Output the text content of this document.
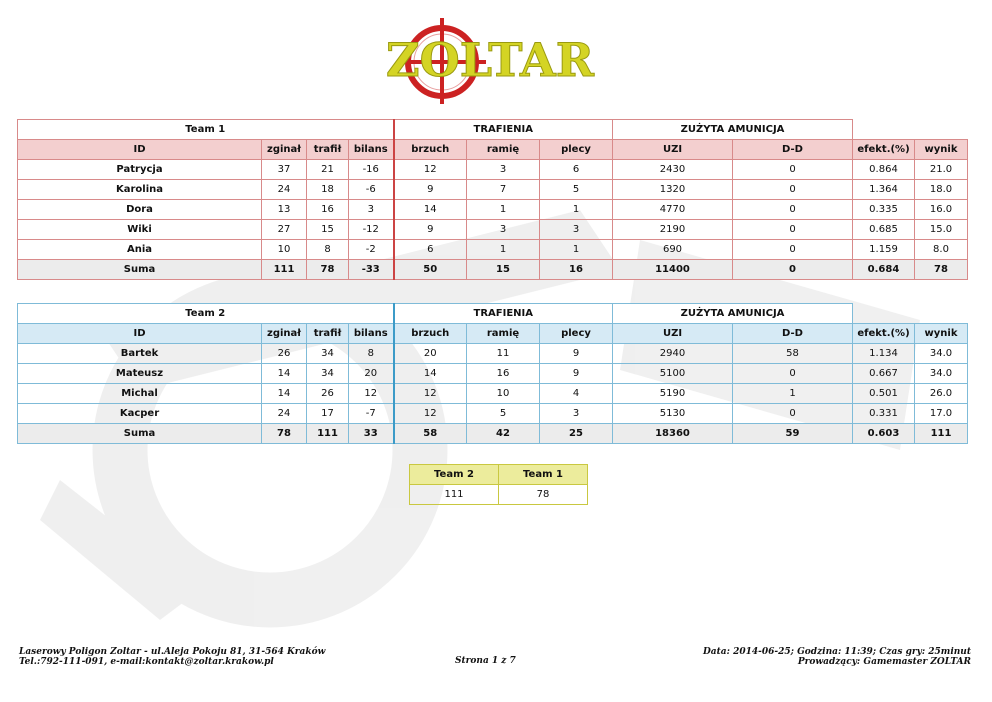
ZOLTAR
Team 1				TRAFIENIA			ZUŻYTA AMUNICJA			
ID	zginał	trafił	bilans	brzuch	ramię	plecy	UZI	D-D	efekt.(%)	wynik
Patrycja	37	21	-16	12	3	6	2430	0	0.864	21.0
Karolina	24	18	-6	9	7	5	1320	0	1.364	18.0
Dora	13	16	3	14	1	1	4770	0	0.335	16.0
Wiki	27	15	-12	9	3	3	2190	0	0.685	15.0
Ania	10	8	-2	6	1	1	690	0	1.159	8.0
Suma	111	78	-33	50	15	16	11400	0	0.684	78
Team 2				TRAFIENIA			ZUŻYTA AMUNICJA			
ID	zginał	trafił	bilans	brzuch	ramię	plecy	UZI	D-D	efekt.(%)	wynik
Bartek	26	34	8	20	11	9	2940	58	1.134	34.0
Mateusz	14	34	20	14	16	9	5100	0	0.667	34.0
Michal	14	26	12	12	10	4	5190	1	0.501	26.0
Kacper	24	17	-7	12	5	3	5130	0	0.331	17.0
Suma	78	111	33	58	42	25	18360	59	0.603	111
Team 2	Team 1
111	78
Laserowy Poligon Zoltar - ul.Aleja Pokoju 81, 31-564 Kraków
Tel.:792-111-091, e-mail:kontakt@zoltar.krakow.pl	Strona 1 z 7
Data: 2014-06-25; Godzina: 11:39; Czas gry: 25minut
Prowadzący: Gamemaster ZOLTAR
